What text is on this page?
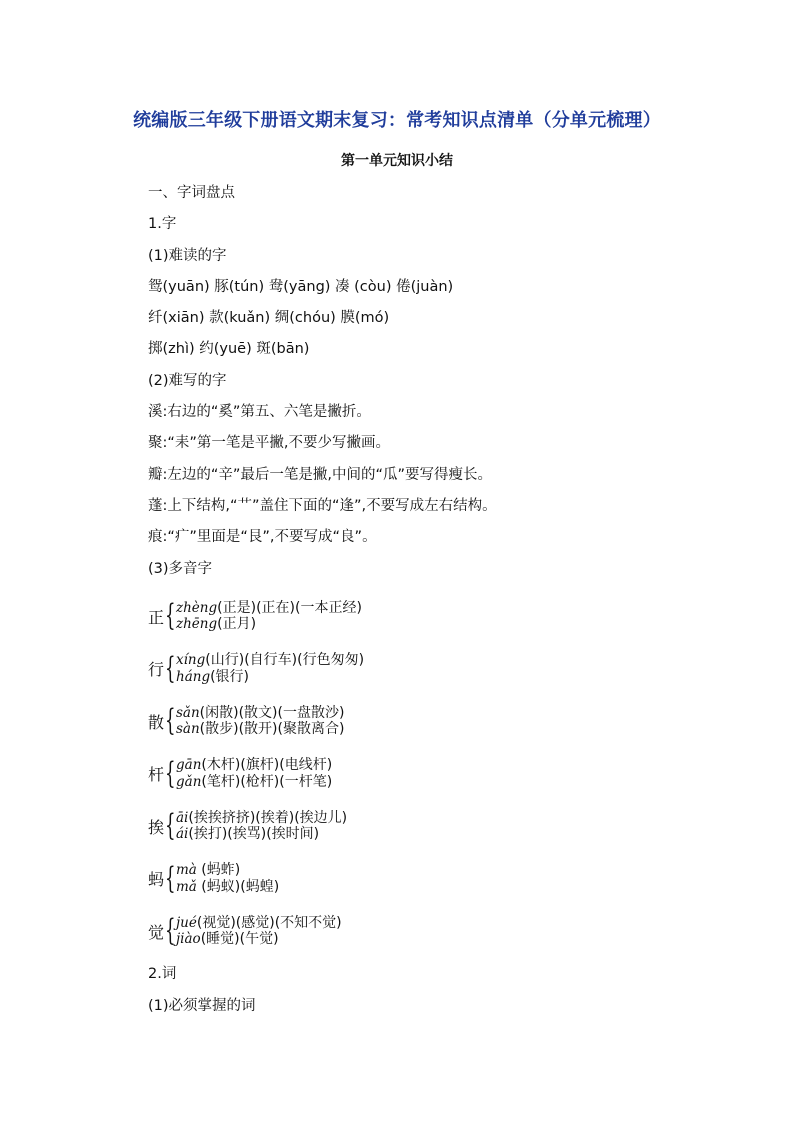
统编版三年级下册语文期末复习：常考知识点清单（分单元梳理）
第一单元知识小结
一、字词盘点
1.字
(1)难读的字
鸳(yuān) 豚(tún) 鸯(yāng) 凑 (còu) 倦(juàn)
纤(xiān) 款(kuǎn) 绸(chóu) 膜(mó)
掷(zhì) 约(yuē) 斑(bān)
(2)难写的字
溪:右边的“奚”第五、六笔是撇折。
聚:“耒”第一笔是平撇,不要少写撇画。
瓣:左边的“辛”最后一笔是撇,中间的“瓜”要写得瘦长。
蓬:上下结构,“艹”盖住下面的“逢”,不要写成左右结构。
痕:“疒”里面是“艮”,不要写成“良”。
(3)多音字
正 { zhèng(正是)(正在)(一本正经)
zhēng(正月)
行 { xíng(山行)(自行车)(行色匆匆)
háng(银行)
散 { sǎn(闲散)(散文)(一盘散沙)
sàn(散步)(散开)(聚散离合)
杆 { gān(木杆)(旗杆)(电线杆)
gǎn(笔杆)(枪杆)(一杆笔)
挨 { āi(挨挨挤挤)(挨着)(挨边儿)
ái(挨打)(挨骂)(挨时间)
蚂 { mà (蚂蚱)
mǎ (蚂蚁)(蚂蝗)
觉 { jué(视觉)(感觉)(不知不觉)
jiào(睡觉)(午觉)
2.词
(1)必须掌握的词
